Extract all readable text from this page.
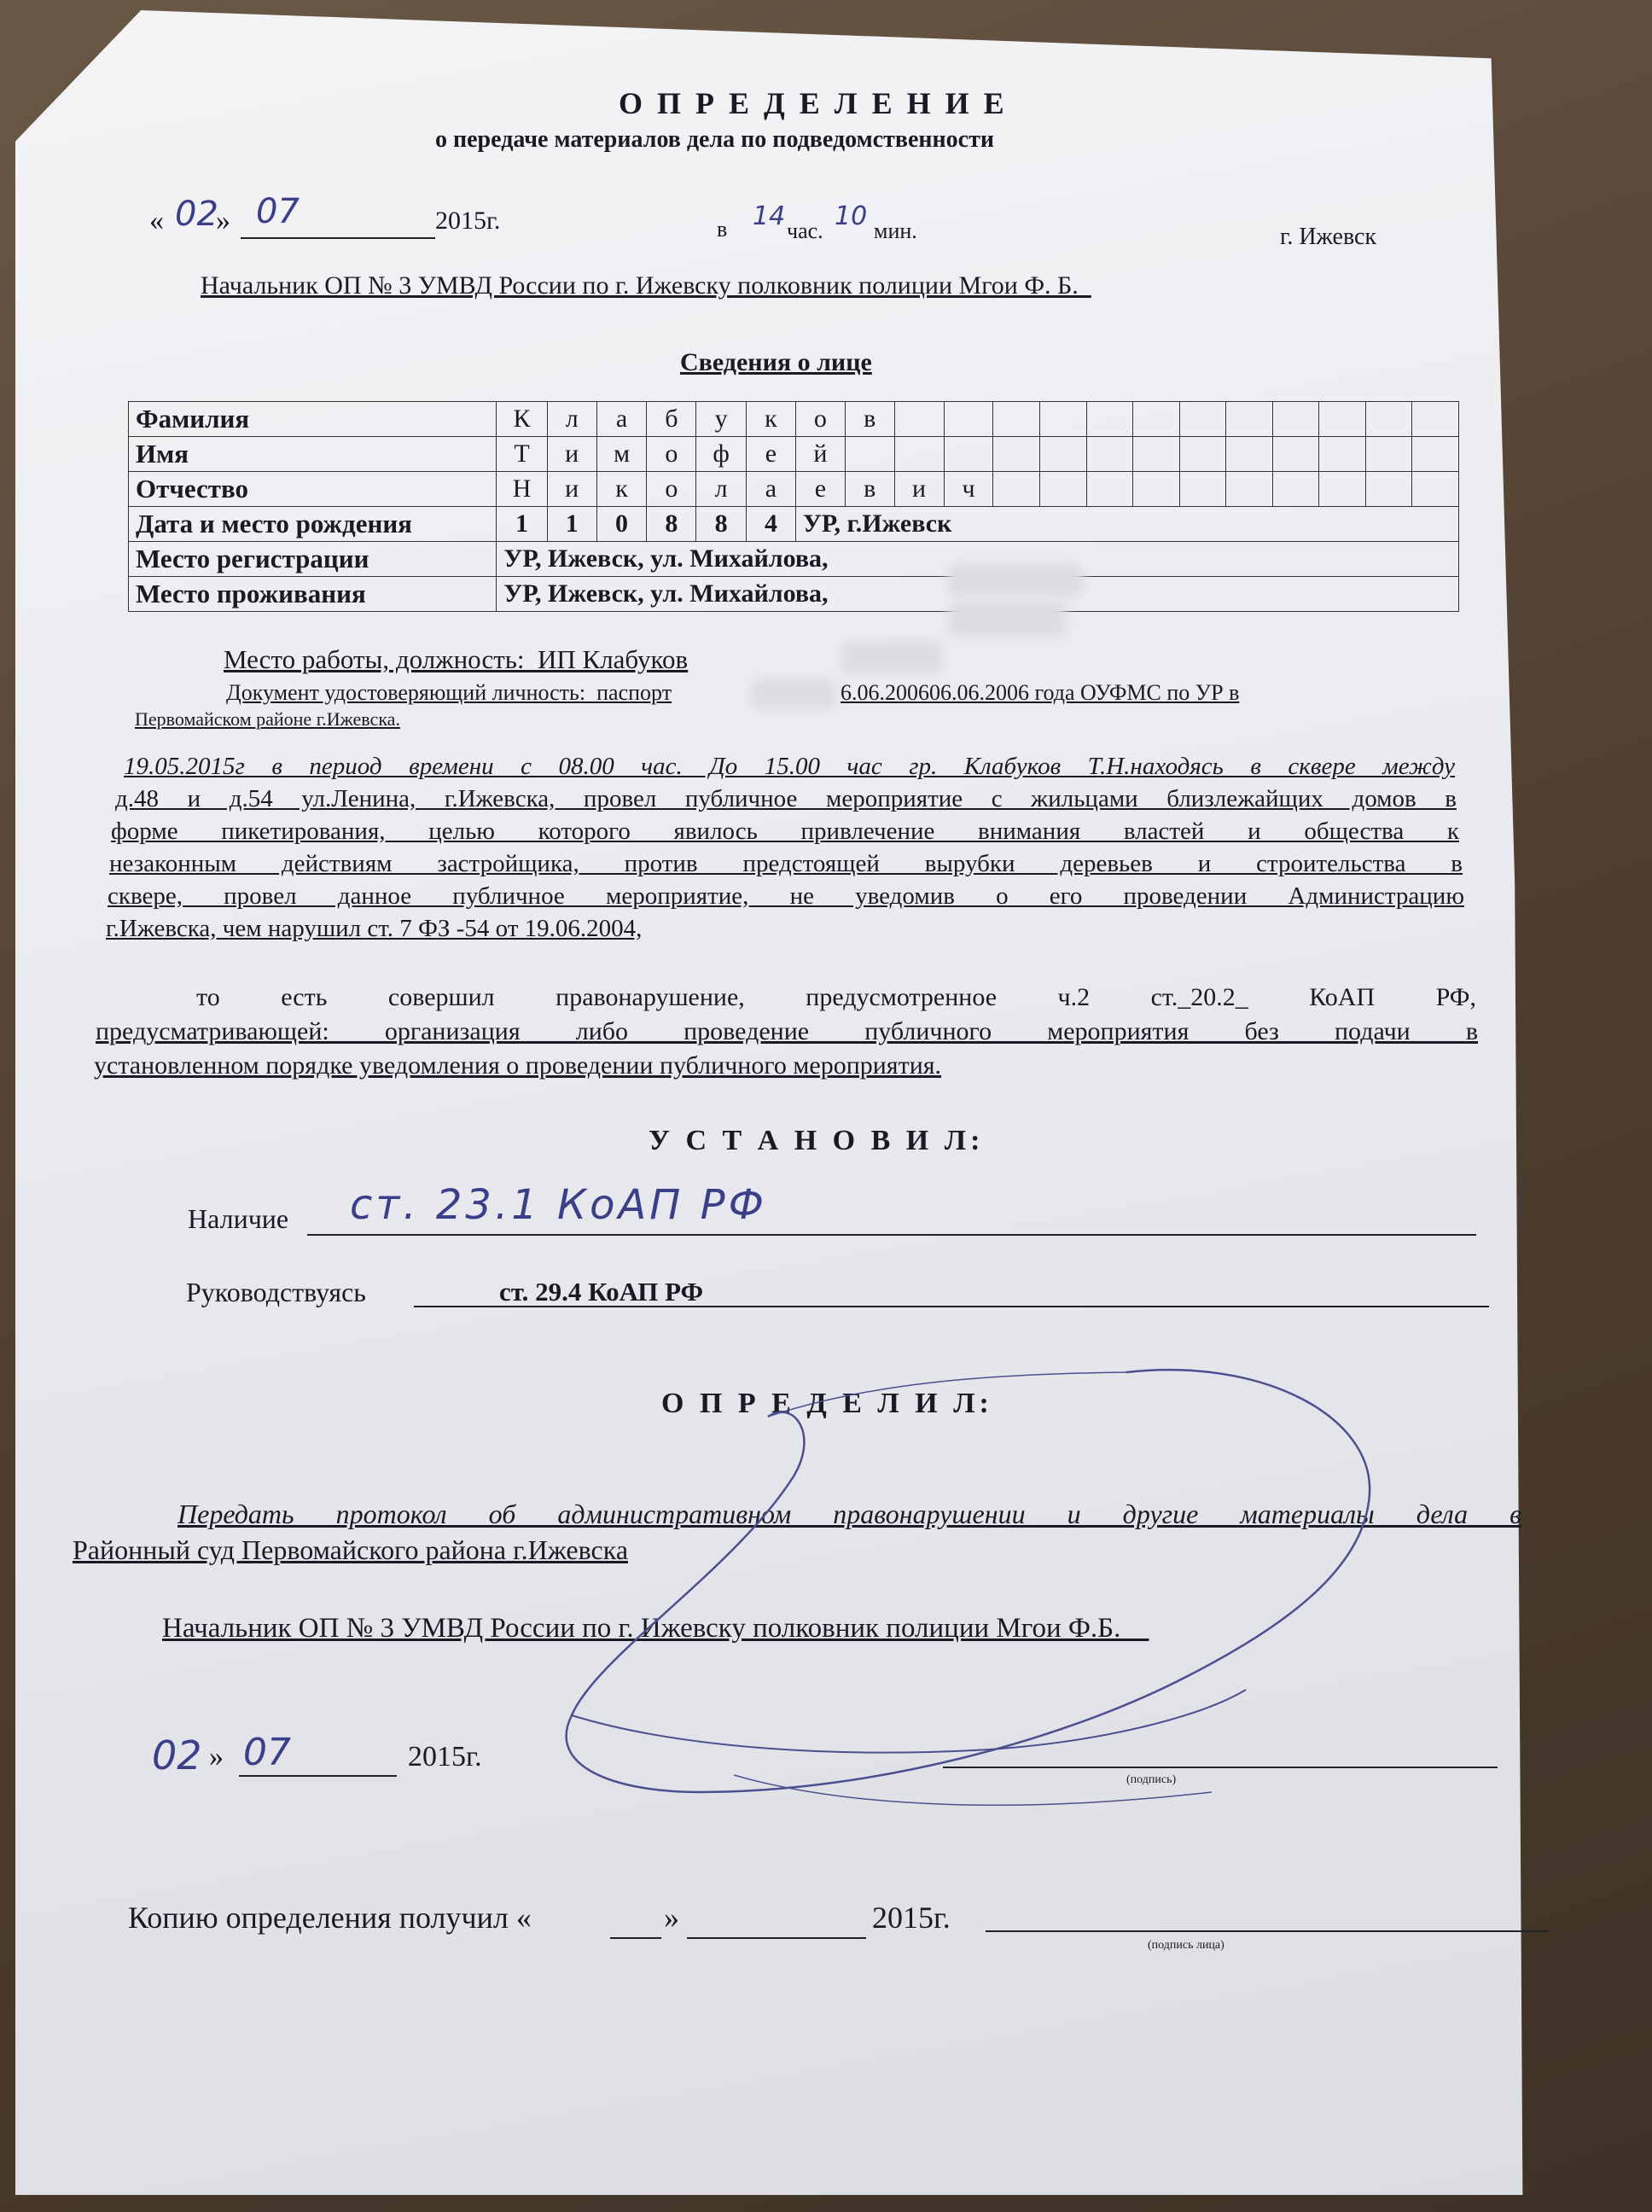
О П Р Е Д Е Л Е Н И Е
о передаче материалов дела по подведомственности
« 02
» 07	2015г.	в 14 час. 10 мин.	г. Ижевск
Начальник ОП № 3 УМВД России по г. Ижевску полковник полиции Мгои Ф. Б._
Сведения о лице
Фамилия	К	л	а	б	у	к	о	в												
Имя	Т	и	м	о	ф	е	й													
Отчество	Н	и	к	о	л	а	е	в	и	ч										
Дата и место рождения	1	1	0	8	8	4	УР, г.Ижевск													
Место регистрации	УР, Ижевск, ул. Михайлова,																			
Место проживания	УР, Ижевск, ул. Михайлова,																			
Место работы, должность:_ИП Клабуков
Документ удостоверяющий личность:_паспорт	6.06.200606.06.2006 года ОУФМС по УР в
Первомайском районе г.Ижевска.
19.05.2015г в период времени с 08.00 час. До 15.00 час гр. Клабуков Т.Н.находясь в сквере между
д.48 и д.54 ул.Ленина, г.Ижевска, провел публичное мероприятие с жильцами близлежайщих домов в
форме пикетирования, целью которого явилось привлечение внимания властей и общества к
незаконным действиям застройщика, против предстоящей вырубки деревьев и строительства в
сквере, провел данное публичное мероприятие, не уведомив о его проведении Администрацию
г.Ижевска, чем нарушил ст. 7 ФЗ -54 от 19.06.2004,
то есть совершил правонарушение, предусмотренное ч.2 ст._20.2_ КоАП РФ,
предусматривающей: организация либо проведение публичного мероприятия без подачи в
установленном порядке уведомления о проведении публичного мероприятия.
У С Т А Н О В И Л:
Наличие ст. 23.1 КоАП РФ
Руководствуясь	ст. 29.4 КоАП РФ
О П Р Е Д Е Л И Л:
Передать протокол об административном правонарушении и другие материалы дела в
Районный суд Первомайского района г.Ижевска
Начальник ОП № 3 УМВД России по г. Ижевску полковник полиции Мгои Ф.Б.__
02 » 07	2015г.
(подпись)
Копию определения получил «	»	2015г.
(подпись лица)
